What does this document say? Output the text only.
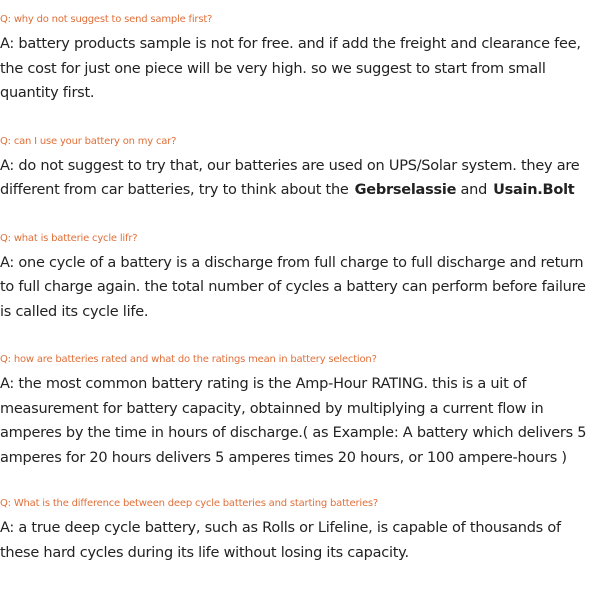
Q: why do not suggest to send sample first?
A: battery products sample is not for free. and if add the freight and clearance fee, the cost for just one piece will be very high. so we suggest to start from small quantity first.
Q: can I use your battery on my car?
A: do not suggest to try that, our batteries are used on UPS/Solar system. they are different from car batteries, try to think about the Gebrselassie and Usain.Bolt
Q: what is batterie cycle lifr?
A: one cycle of a battery is a discharge from full charge to full discharge and return to full charge again. the total number of cycles a battery can perform before failure is called its cycle life.
Q: how are batteries rated and what do the ratings mean in battery selection?
A: the most common battery rating is the Amp-Hour RATING. this is a uit of measurement for battery capacity, obtainned by multiplying a current flow in amperes by the time in hours of discharge.( as Example: A battery which delivers 5 amperes for 20 hours delivers 5 amperes times 20 hours, or 100 ampere-hours )
Q: What is the difference between deep cycle batteries and starting batteries?
A: a true deep cycle battery, such as Rolls or Lifeline, is capable of thousands of these hard cycles during its life without losing its capacity.
